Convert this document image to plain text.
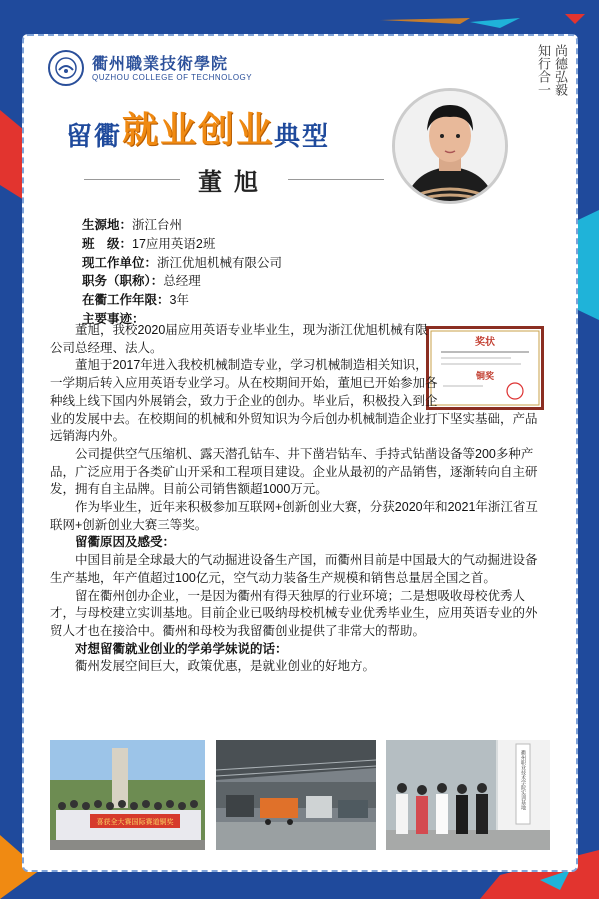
衢州職業技術學院
QUZHOU COLLEGE OF TECHNOLOGY	尚德弘毅
知行合一
留衢 就业创业 典型
董旭
生源地：浙江台州
班　级：17应用英语2班
现工作单位：浙江优旭机械有限公司
职务（职称）：总经理
在衢工作年限：3年
主要事迹：
奖状
铜奖

董旭，我校2020届应用英语专业毕业生，现为浙江优旭机械有限公司总经理、法人。

董旭于2017年进入我校机械制造专业，学习机械制造相关知识，一学期后转入应用英语专业学习。从在校期间开始，董旭已开始参加各种线上线下国内外展销会，致力于企业的创办。毕业后，积极投入到企业的发展中去。在校期间的机械和外贸知识为今后创办机械制造企业打下坚实基础，产品远销海内外。

公司提供空气压缩机、露天潜孔钻车、井下凿岩钻车、手持式钻凿设备等200多种产品，广泛应用于各类矿山开采和工程项目建设。企业从最初的产品销售，逐渐转向自主研发，拥有自主品牌。目前公司销售额超1000万元。

作为毕业生，近年来积极参加互联网+创新创业大赛，分获2020年和2021年浙江省互联网+创新创业大赛三等奖。

留衢原因及感受：

中国目前是全球最大的气动掘进设备生产国，而衢州目前是中国最大的气动掘进设备生产基地，年产值超过100亿元，空气动力装备生产规模和销售总量居全国之首。

留在衢州创办企业，一是因为衢州有得天独厚的行业环境；二是想吸收母校优秀人才，与母校建立实训基地。目前企业已吸纳母校机械专业优秀毕业生，应用英语专业的外贸人才也在接洽中。衢州和母校为我留衢创业提供了非常大的帮助。

对想留衢就业创业的学弟学妹说的话：

衢州发展空间巨大，政策优惠，是就业创业的好地方。

喜获全大赛国际赛道铜奖
衢州职业技术学院实训基地
